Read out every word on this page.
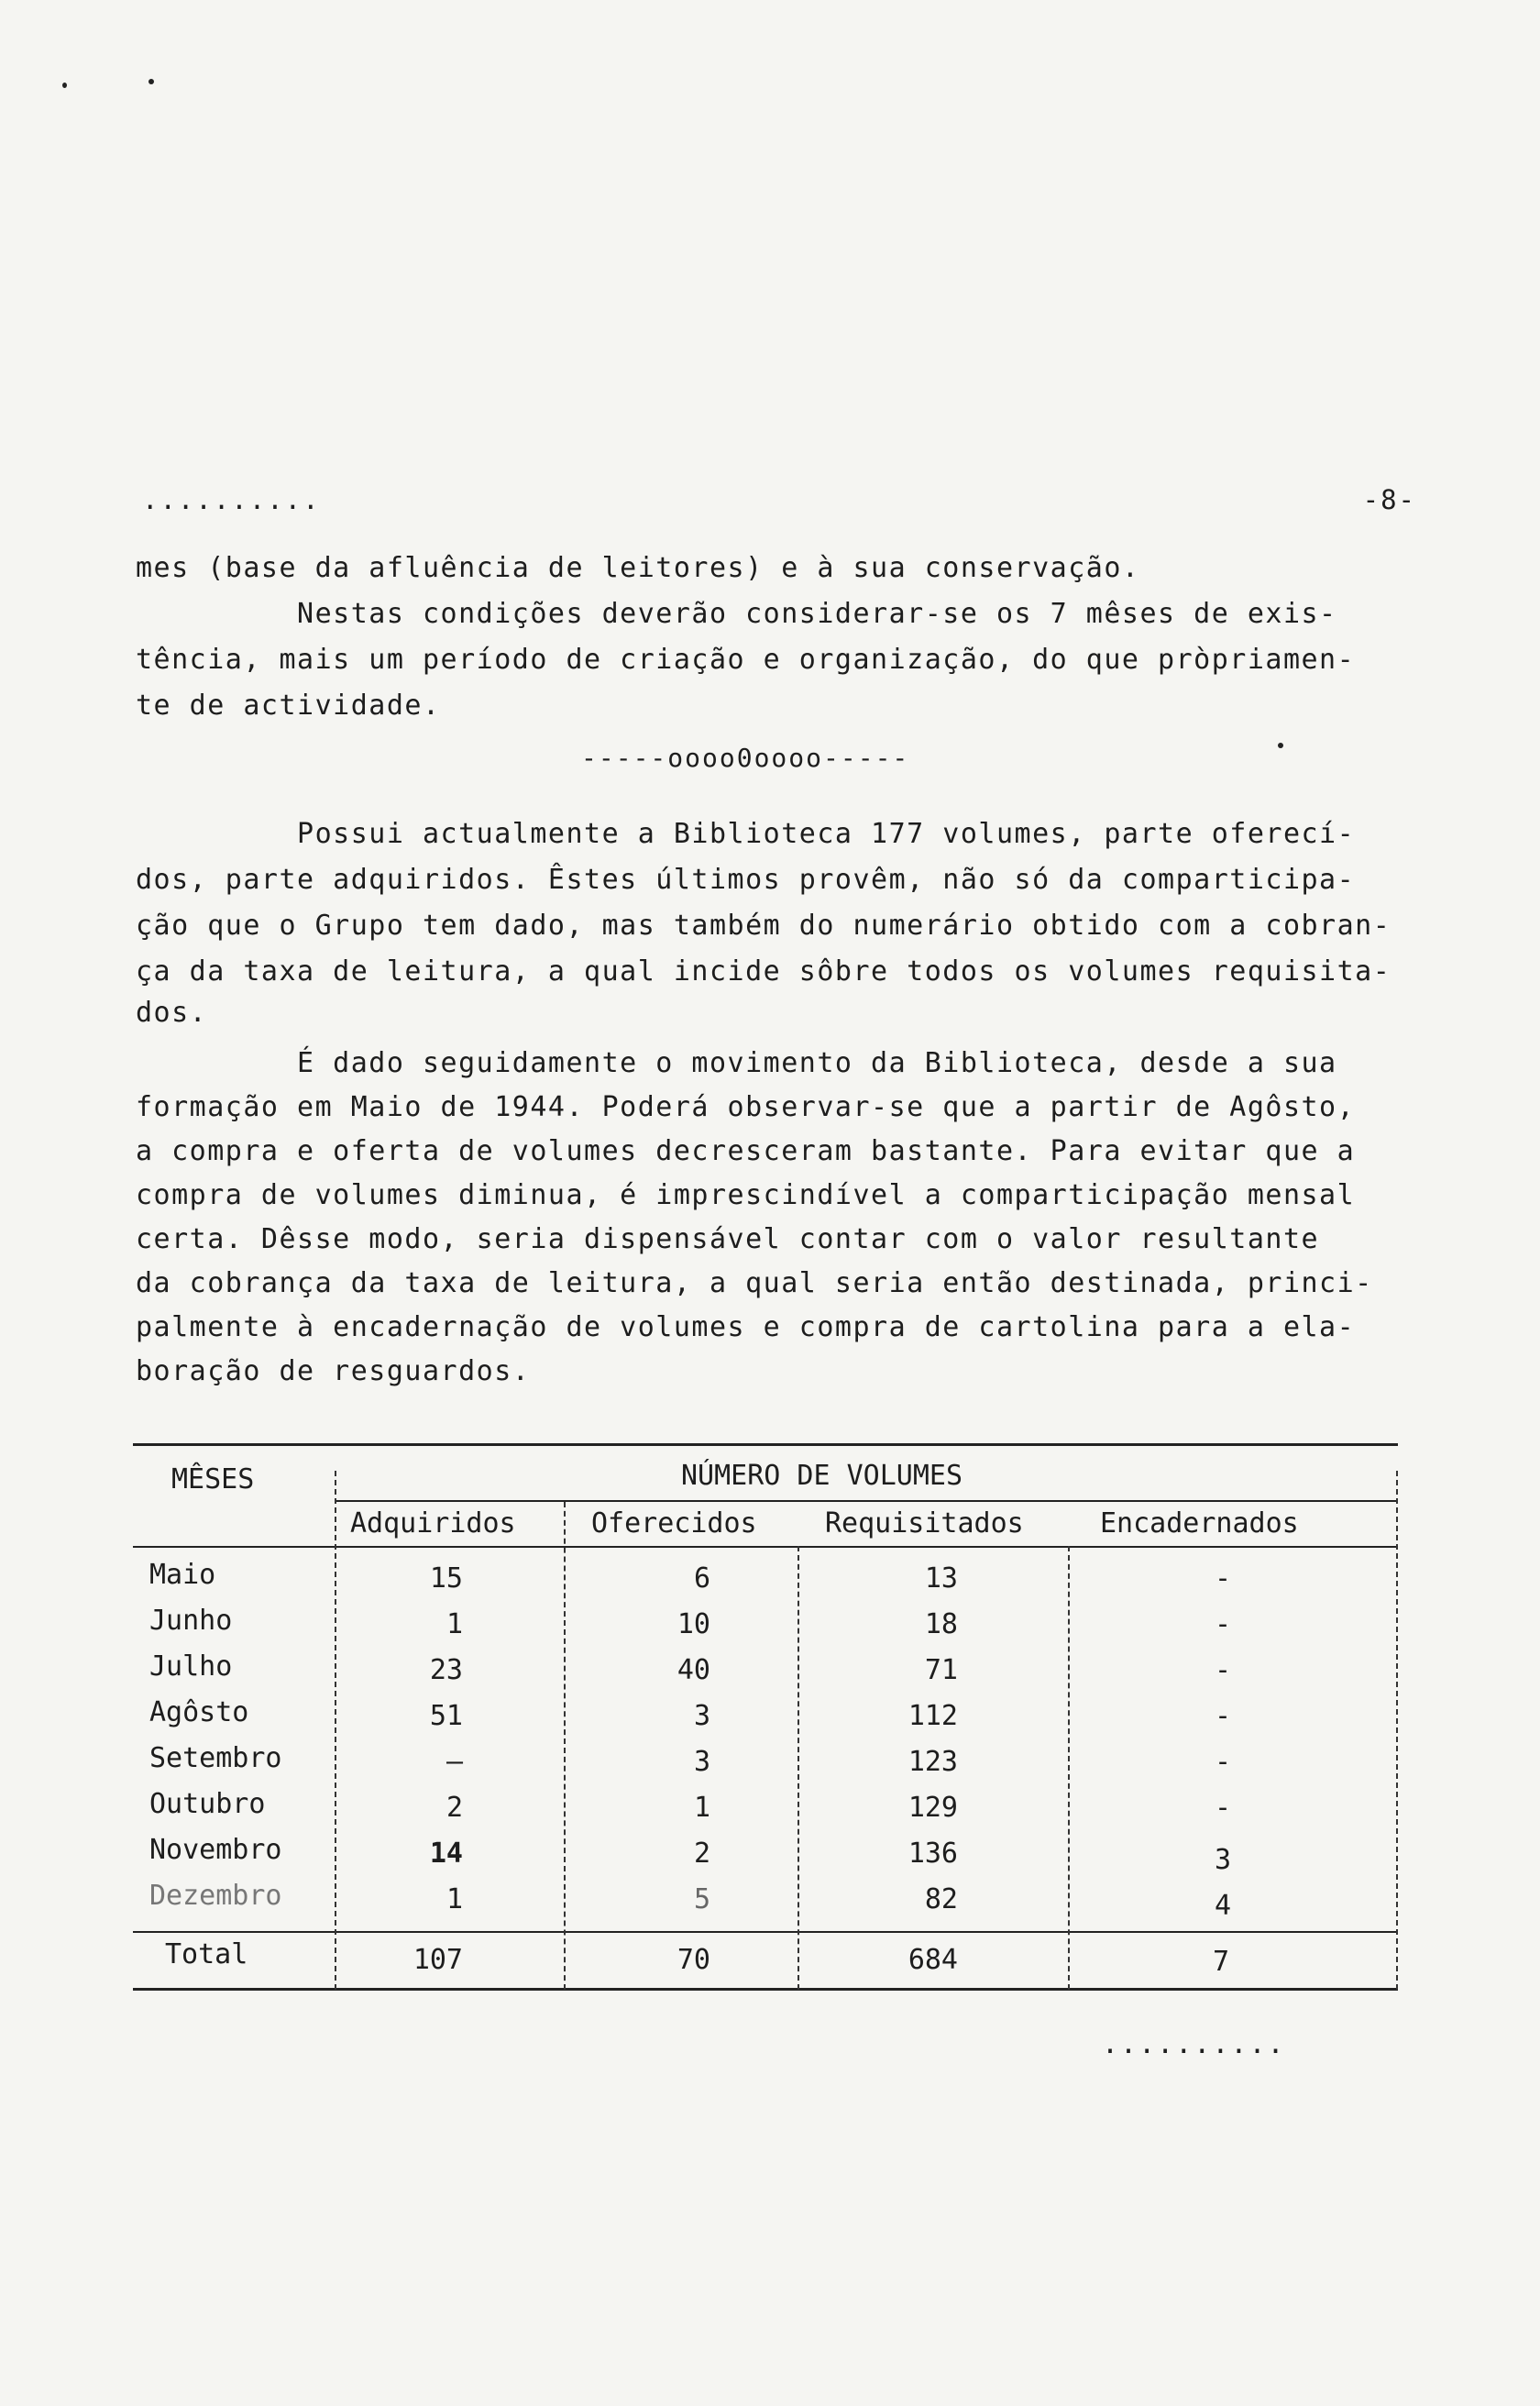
..........	-8-
mes (base da afluência de leitores) e à sua conservação.
Nestas condições deverão considerar-se os 7 mêses de exis-
tência, mais um período de criação e organização, do que pròpriamen-
te de actividade.
-----oooo0oooo-----
Possui actualmente a Biblioteca 177 volumes, parte oferecí-
dos, parte adquiridos. Êstes últimos provêm, não só da comparticipa-
ção que o Grupo tem dado, mas também do numerário obtido com a cobran-
ça da taxa de leitura, a qual incide sôbre todos os volumes requisita-
dos.
É dado seguidamente o movimento da Biblioteca, desde a sua
formação em Maio de 1944. Poderá observar-se que a partir de Agôsto,
a compra e oferta de volumes decresceram bastante. Para evitar que a
compra de volumes diminua, é imprescindível a comparticipação mensal
certa. Dêsse modo, seria dispensável contar com o valor resultante
da cobrança da taxa de leitura, a qual seria então destinada, princi-
palmente à encadernação de volumes e compra de cartolina para a ela-
boração de resguardos.
MÊSES	NÚMERO DE VOLUMES
Adquiridos	Oferecidos Requisitados	Encadernados
Maio	15	6	13	-
Junho	1	10	18	-
Julho	23	40	71	-
Agôsto	51	3	112	-
Setembro	—	3	123	-
Outubro	2	1	129	-
Novembro	14	2	136	3
Dezembro	1	5	82	4
Total	107	70	684	7
..........
